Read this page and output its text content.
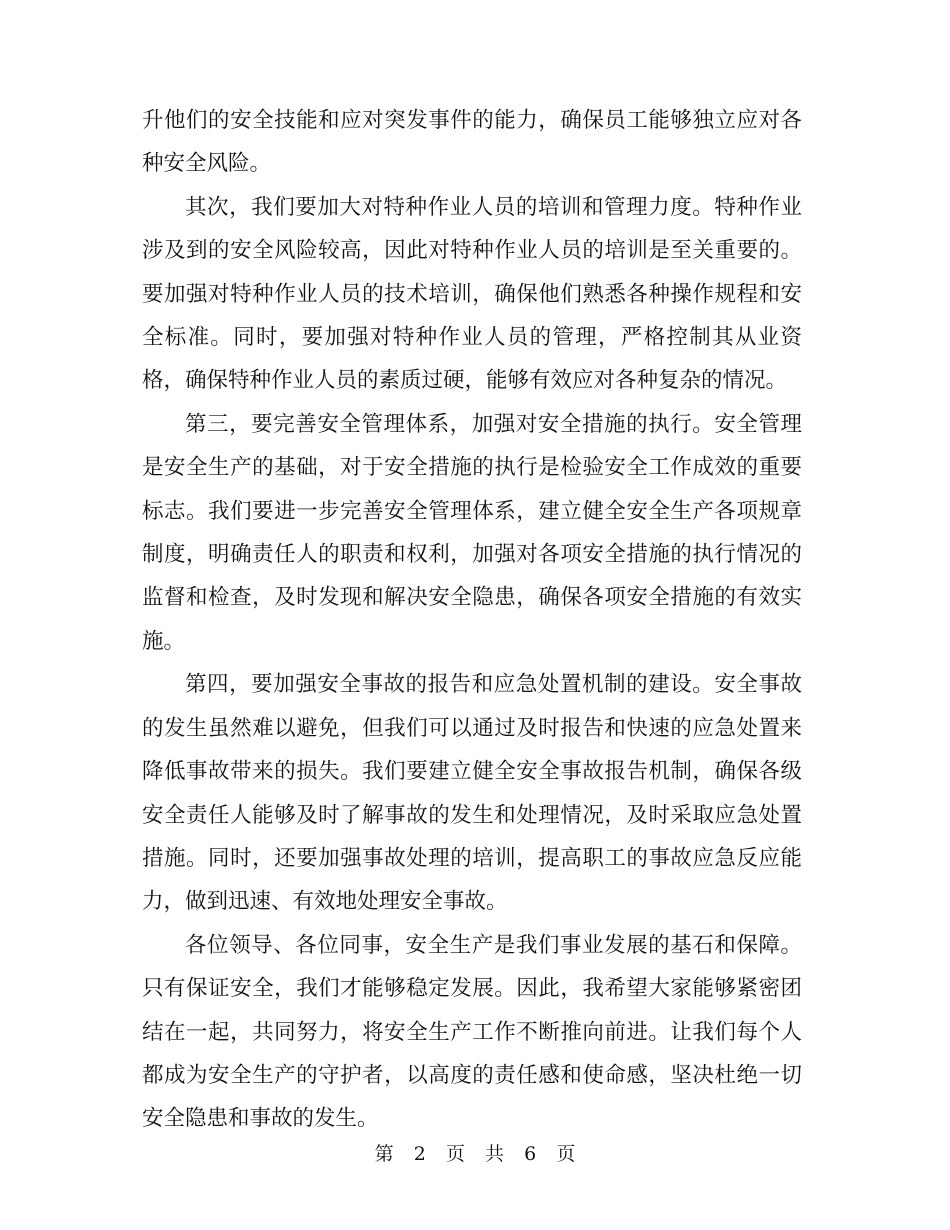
升他们的安全技能和应对突发事件的能力，确保员工能够独立应对各种安全风险。

其次，我们要加大对特种作业人员的培训和管理力度。特种作业涉及到的安全风险较高，因此对特种作业人员的培训是至关重要的。要加强对特种作业人员的技术培训，确保他们熟悉各种操作规程和安全标准。同时，要加强对特种作业人员的管理，严格控制其从业资格，确保特种作业人员的素质过硬，能够有效应对各种复杂的情况。

第三，要完善安全管理体系，加强对安全措施的执行。安全管理是安全生产的基础，对于安全措施的执行是检验安全工作成效的重要标志。我们要进一步完善安全管理体系，建立健全安全生产各项规章制度，明确责任人的职责和权利，加强对各项安全措施的执行情况的监督和检查，及时发现和解决安全隐患，确保各项安全措施的有效实施。

第四，要加强安全事故的报告和应急处置机制的建设。安全事故的发生虽然难以避免，但我们可以通过及时报告和快速的应急处置来降低事故带来的损失。我们要建立健全安全事故报告机制，确保各级安全责任人能够及时了解事故的发生和处理情况，及时采取应急处置措施。同时，还要加强事故处理的培训，提高职工的事故应急反应能力，做到迅速、有效地处理安全事故。

各位领导、各位同事，安全生产是我们事业发展的基石和保障。只有保证安全，我们才能够稳定发展。因此，我希望大家能够紧密团结在一起，共同努力，将安全生产工作不断推向前进。让我们每个人都成为安全生产的守护者，以高度的责任感和使命感，坚决杜绝一切安全隐患和事故的发生。

第 2 页 共 6 页
